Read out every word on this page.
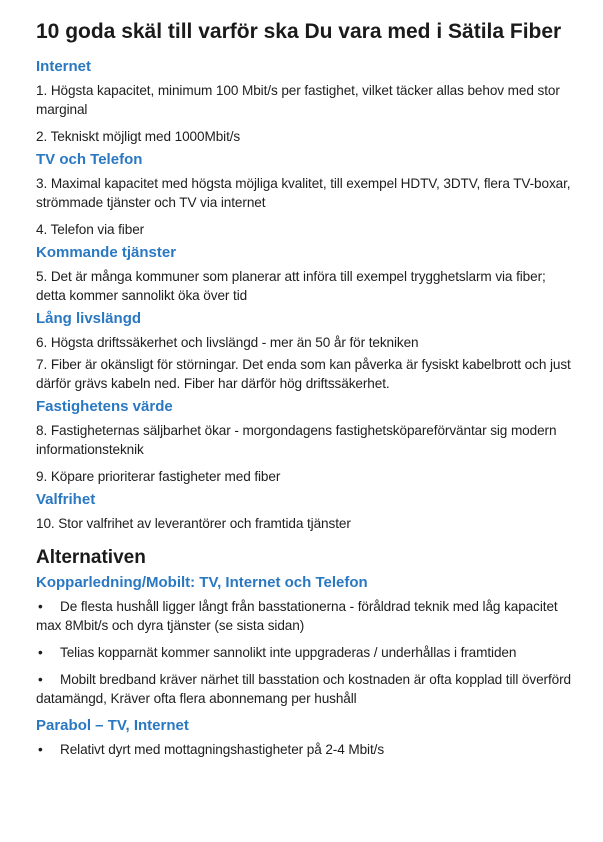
10 goda skäl till varför ska Du vara med i Sätila Fiber
Internet
1. Högsta kapacitet, minimum 100 Mbit/s per fastighet, vilket täcker allas behov med stor marginal
2. Tekniskt möjligt med 1000Mbit/s
TV och Telefon
3. Maximal kapacitet med högsta möjliga kvalitet, till exempel HDTV, 3DTV, flera TV-boxar, strömmade tjänster och TV via internet
4. Telefon via fiber
Kommande tjänster
5. Det är många kommuner som planerar att införa till exempel trygghetslarm via fiber; detta kommer sannolikt öka över tid
Lång livslängd
6. Högsta driftssäkerhet och livslängd - mer än 50 år för tekniken
7. Fiber är okänsligt för störningar. Det enda som kan påverka är fysiskt kabelbrott och just därför grävs kabeln ned. Fiber har därför hög driftssäkerhet.
Fastighetens värde
8. Fastigheternas säljbarhet ökar - morgondagens fastighetsköpareförväntar sig modern informationsteknik
9. Köpare prioriterar fastigheter med fiber
Valfrihet
10. Stor valfrihet av leverantörer och framtida tjänster
Alternativen
Kopparledning/Mobilt: TV, Internet och Telefon
• De flesta hushåll ligger långt från basstationerna - föråldrad teknik med låg kapacitet max 8Mbit/s och dyra tjänster (se sista sidan)
• Telias kopparnät kommer sannolikt inte uppgraderas / underhållas i framtiden
• Mobilt bredband kräver närhet till basstation och kostnaden är ofta kopplad till överförd datamängd, Kräver ofta flera abonnemang per hushåll
Parabol – TV, Internet
• Relativt dyrt med mottagningshastigheter på 2-4 Mbit/s
